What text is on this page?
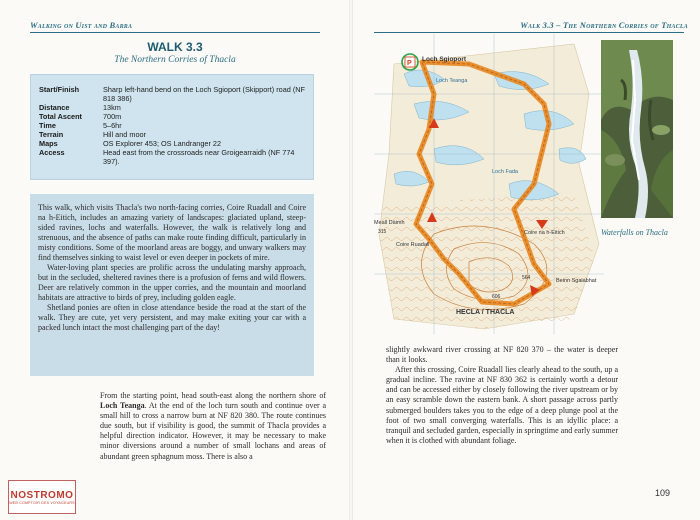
Walking on Uist and Barra
WALK 3.3
The Northern Corries of Thacla
Start/Finish	Sharp left-hand bend on the Loch Sgioport (Skipport) road (NF 818 386)
Distance	13km
Total Ascent	700m
Time	5–6hr
Terrain	Hill and moor
Maps	OS Explorer 453; OS Landranger 22
Access	Head east from the crossroads near Groigearraidh (NF 774 397).

This walk, which visits Thacla's two north-facing corries, Coire Ruadall and Coire na h-Eitich, includes an amazing variety of landscapes: glaciated upland, steep-sided ravines, lochs and waterfalls. However, the walk is relatively long and strenuous, and the absence of paths can make route finding difficult, particularly in misty conditions. Some of the moorland areas are boggy, and unwary walkers may find themselves sinking to waist level or even deeper in pockets of mire.

Water-loving plant species are prolific across the undulating marshy approach, but in the secluded, sheltered ravines there is a profusion of ferns and wild flowers. Deer are relatively common in the upper corries, and the mountain and moorland habitats are attractive to birds of prey, including golden eagle.

Shetland ponies are often in close attendance beside the road at the start of the walk. They are cute, yet very persistent, and may make exiting your car with a packed lunch intact the most challenging part of the day!

From the starting point, head south-east along the northern shore of Loch Teanga. At the end of the loch turn south and continue over a small hill to cross a narrow burn at NF 820 380. The route continues due south, but if visibility is good, the summit of Thacla provides a helpful direction indicator. However, it may be necessary to make minor diversions around a number of small lochans and areas of abundant green sphagnum moss. There is also a

NOSTROMO
WEB COMPTOIR DES VOYAGEURS
Walk 3.3 – The Northern Corries of Thacla
P
Loch Sgioport
Loch Teanga
Loch Fada
Meall Dàimh
315
Coire Ruadall
Coire na h-Eitich
564	Beinn Sgalabhat
606
HECLA / THACLA
Waterfalls on Thacla

slightly awkward river crossing at NF 820 370 – the water is deeper than it looks.

After this crossing, Coire Ruadall lies clearly ahead to the south, up a gradual incline. The ravine at NF 830 362 is certainly worth a detour and can be accessed either by closely following the river upstream or by an easy scramble down the eastern bank. A short passage across partly submerged boulders takes you to the edge of a deep plunge pool at the foot of two small converging waterfalls. This is an idyllic place: a tranquil and secluded garden, especially in springtime and early summer when it is clothed with abundant foliage.

109
